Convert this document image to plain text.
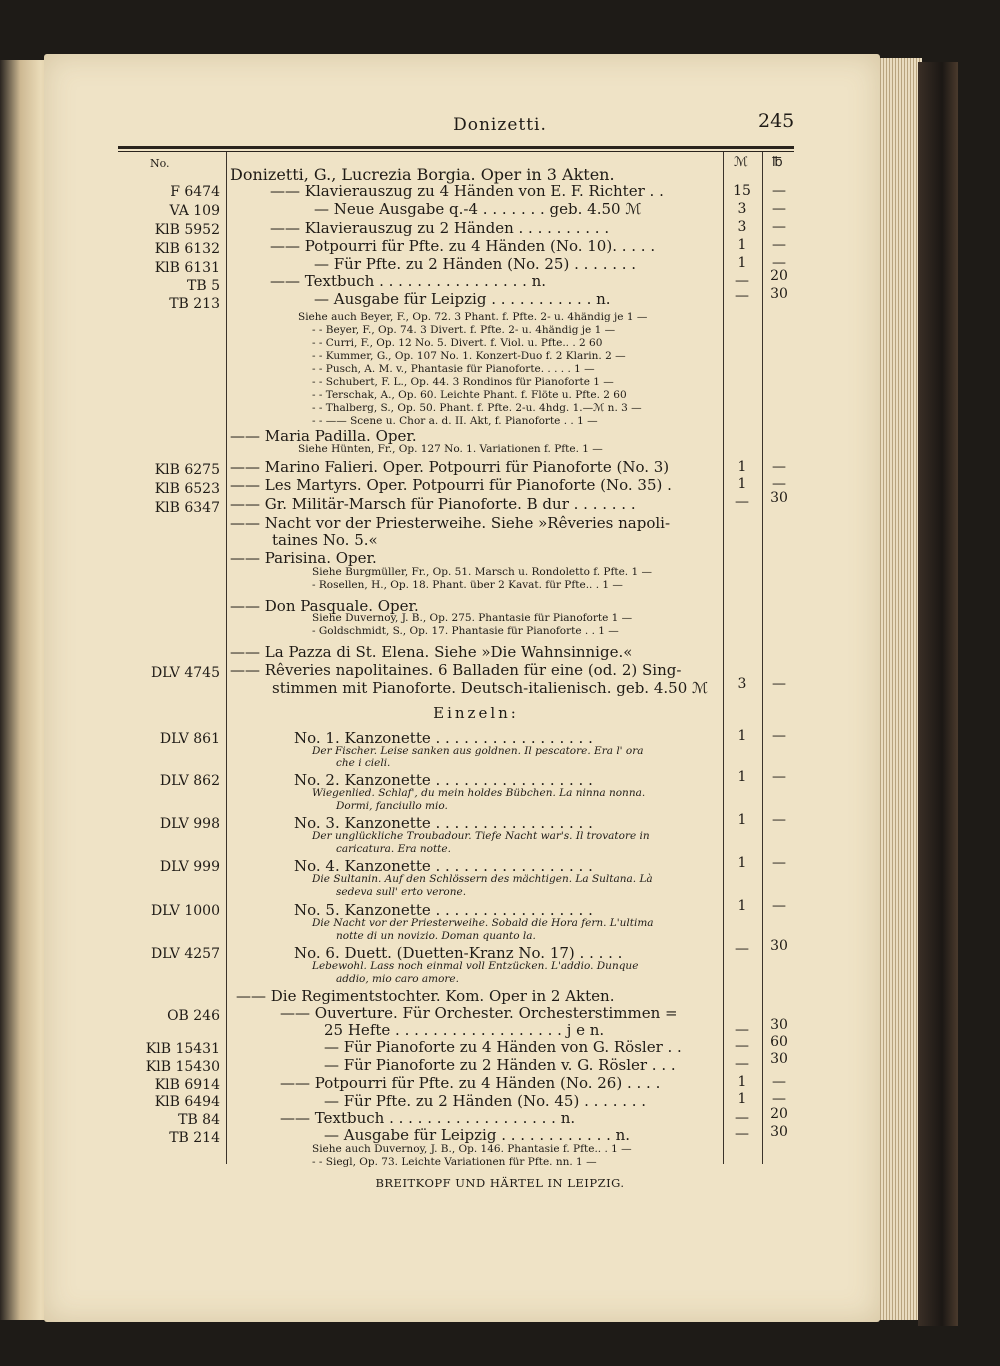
Donizetti.	245
No.	ℳ ℔
Donizetti, G., Lucrezia Borgia. Oper in 3 Akten.
F 6474	—— Klavierauszug zu 4 Händen von E. F. Richter . .	15	—
VA 109	— Neue Ausgabe q.-4 . . . . . . . geb. 4.50 ℳ	3	—
KlB 5952	—— Klavierauszug zu 2 Händen . . . . . . . . . .	3	—
KlB 6132	—— Potpourri für Pfte. zu 4 Händen (No. 10). . . . .	1	—
KlB 6131	— Für Pfte. zu 2 Händen (No. 25) . . . . . . .	1	—
TB 5	—— Textbuch . . . . . . . . . . . . . . . . n.	—	20
TB 213	— Ausgabe für Leipzig . . . . . . . . . . . n.	—	30
Siehe auch Beyer, F., Op. 72. 3 Phant. f. Pfte. 2- u. 4händig je 1 —
- - Beyer, F., Op. 74. 3 Divert. f. Pfte. 2- u. 4händig je 1 —
- - Curri, F., Op. 12 No. 5. Divert. f. Viol. u. Pfte.. . 2 60
- - Kummer, G., Op. 107 No. 1. Konzert-Duo f. 2 Klarin. 2 —
- - Pusch, A. M. v., Phantasie für Pianoforte. . . . . 1 —
- - Schubert, F. L., Op. 44. 3 Rondinos für Pianoforte 1 —
- - Terschak, A., Op. 60. Leichte Phant. f. Flöte u. Pfte. 2 60
- - Thalberg, S., Op. 50. Phant. f. Pfte. 2-u. 4hdg. 1.—ℳ n. 3 —
- - —— Scene u. Chor a. d. II. Akt, f. Pianoforte . . 1 —
—— Maria Padilla. Oper.
Siehe Hünten, Fr., Op. 127 No. 1. Variationen f. Pfte. 1 —
KlB 6275 —— Marino Falieri. Oper. Potpourri für Pianoforte (No. 3)	1	—
KlB 6523 —— Les Martyrs. Oper. Potpourri für Pianoforte (No. 35) .	1	—
KlB 6347 —— Gr. Militär-Marsch für Pianoforte. B dur . . . . . . .	—	30
—— Nacht vor der Priesterweihe. Siehe »Rêveries napoli-
taines No. 5.«
—— Parisina. Oper.
Siehe Burgmüller, Fr., Op. 51. Marsch u. Rondoletto f. Pfte. 1 —
- Rosellen, H., Op. 18. Phant. über 2 Kavat. für Pfte.. . 1 —
—— Don Pasquale. Oper.
Siehe Duvernoy, J. B., Op. 275. Phantasie für Pianoforte 1 —
- Goldschmidt, S., Op. 17. Phantasie für Pianoforte . . 1 —
—— La Pazza di St. Elena. Siehe »Die Wahnsinnige.«
DLV 4745 —— Rêveries napolitaines. 6 Balladen für eine (od. 2) Sing-
stimmen mit Pianoforte. Deutsch-italienisch. geb. 4.50 ℳ	3	—
Einzeln:
DLV 861	No. 1. Kanzonette . . . . . . . . . . . . . . . . .	1	—
Der Fischer. Leise sanken aus goldnen. Il pescatore. Era l' ora
che i cieli.
DLV 862	No. 2. Kanzonette . . . . . . . . . . . . . . . . .	1	—
Wiegenlied. Schlaf', du mein holdes Bübchen. La ninna nonna.
Dormi, fanciullo mio.
DLV 998	No. 3. Kanzonette . . . . . . . . . . . . . . . . .	1	—
Der unglückliche Troubadour. Tiefe Nacht war's. Il trovatore in
caricatura. Era notte.
DLV 999	No. 4. Kanzonette . . . . . . . . . . . . . . . . .	1	—
Die Sultanin. Auf den Schlössern des mächtigen. La Sultana. Là
sedeva sull' erto verone.
DLV 1000	No. 5. Kanzonette . . . . . . . . . . . . . . . . .	1	—
Die Nacht vor der Priesterweihe. Sobald die Hora fern. L'ultima
notte di un novizio. Doman quanto la.
DLV 4257	No. 6. Duett. (Duetten-Kranz No. 17) . . . . .	—	30
Lebewohl. Lass noch einmal voll Entzücken. L'addio. Dunque
addio, mio caro amore.
—— Die Regimentstochter. Kom. Oper in 2 Akten.
OB 246	—— Ouverture. Für Orchester. Orchesterstimmen =
25 Hefte . . . . . . . . . . . . . . . . . . j e n.	—	30
KlB 15431	— Für Pianoforte zu 4 Händen von G. Rösler . .	—	60
KlB 15430	— Für Pianoforte zu 2 Händen v. G. Rösler . . .	—	30
KlB 6914	—— Potpourri für Pfte. zu 4 Händen (No. 26) . . . .	1	—
KlB 6494	— Für Pfte. zu 2 Händen (No. 45) . . . . . . .	1	—
TB 84	—— Textbuch . . . . . . . . . . . . . . . . . . n.	—	20
TB 214	— Ausgabe für Leipzig . . . . . . . . . . . . n.	—	30
Siehe auch Duvernoy, J. B., Op. 146. Phantasie f. Pfte.. . 1 —
- - Siegl, Op. 73. Leichte Variationen für Pfte. nn. 1 —
BREITKOPF UND HÄRTEL IN LEIPZIG.
